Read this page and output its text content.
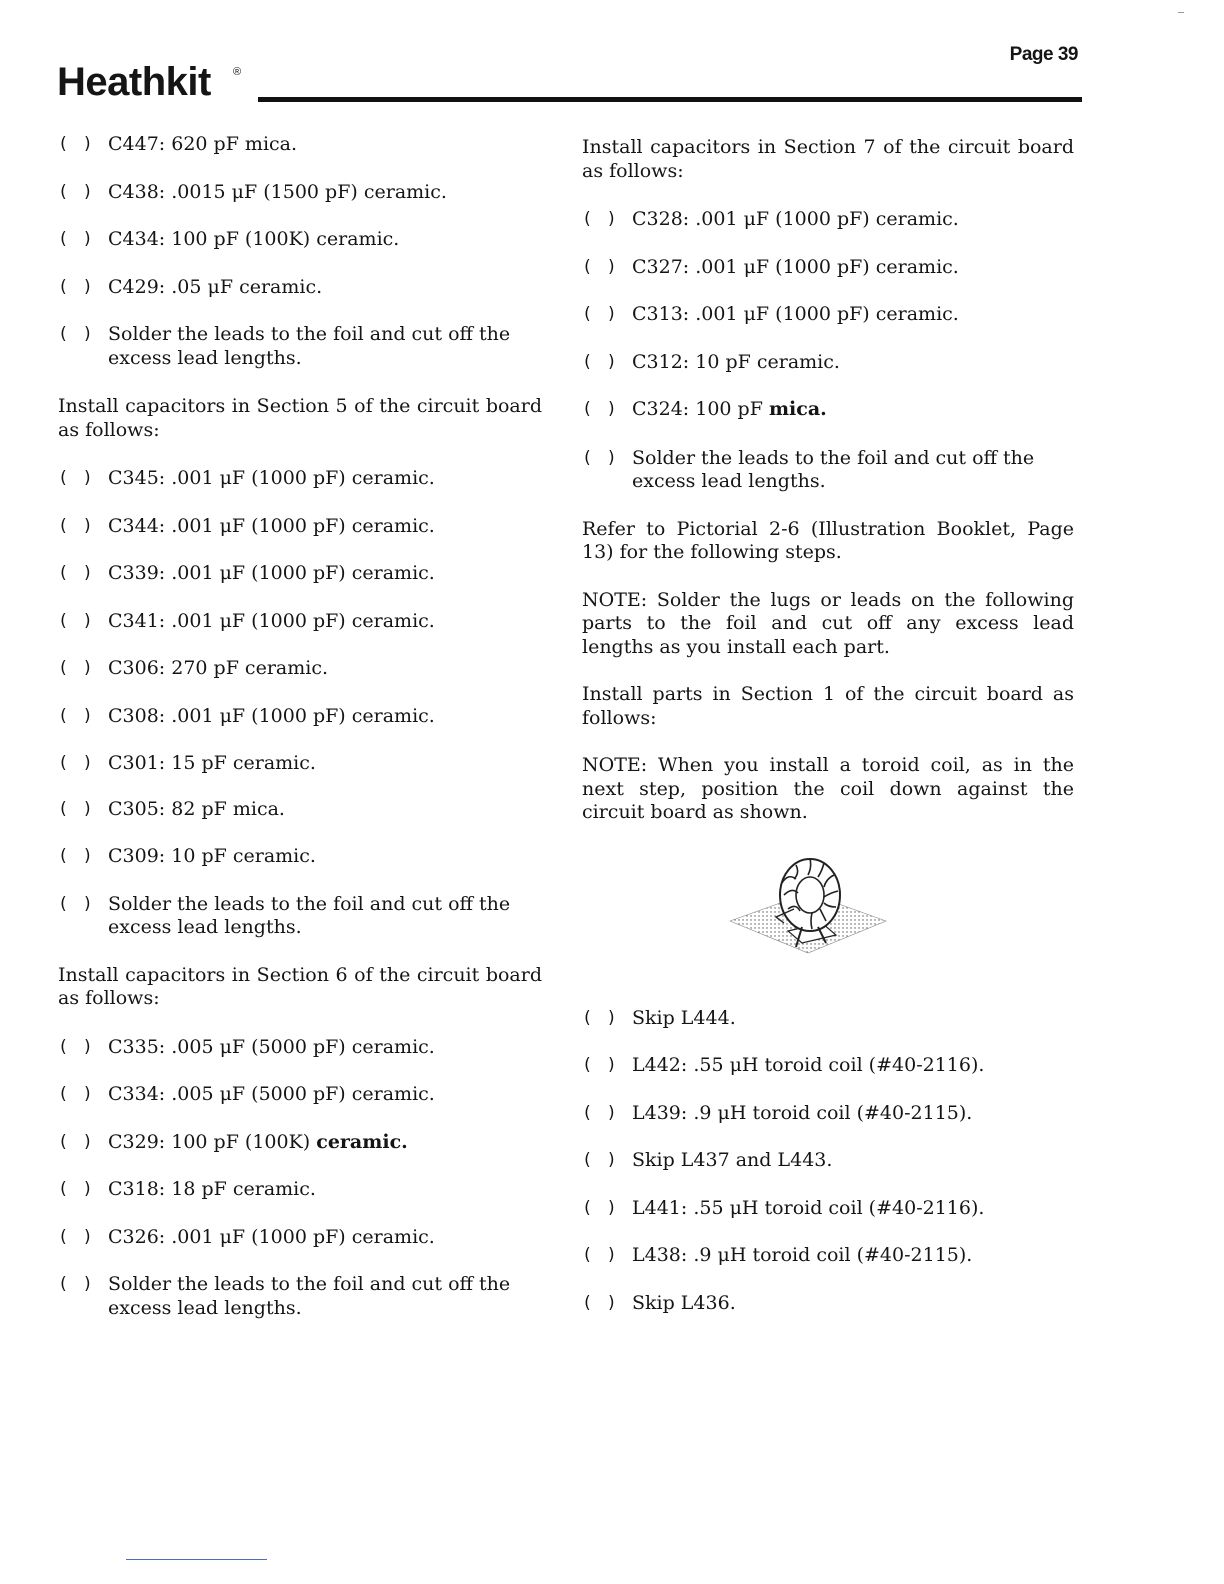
Page 39
Heathkit ®
( ) C447: 620 pF mica.
( ) C438: .0015 μF (1500 pF) ceramic.
( ) C434: 100 pF (100K) ceramic.
( ) C429: .05 μF ceramic.
( ) Solder the leads to the foil and cut off the excess lead lengths.
Install capacitors in Section 5 of the circuit board as follows:
( ) C345: .001 μF (1000 pF) ceramic.
( ) C344: .001 μF (1000 pF) ceramic.
( ) C339: .001 μF (1000 pF) ceramic.
( ) C341: .001 μF (1000 pF) ceramic.
( ) C306: 270 pF ceramic.
( ) C308: .001 μF (1000 pF) ceramic.
( ) C301: 15 pF ceramic.
( ) C305: 82 pF mica.
( ) C309: 10 pF ceramic.
( ) Solder the leads to the foil and cut off the excess lead lengths.
Install capacitors in Section 6 of the circuit board as follows:
( ) C335: .005 μF (5000 pF) ceramic.
( ) C334: .005 μF (5000 pF) ceramic.
( ) C329: 100 pF (100K) ceramic.
( ) C318: 18 pF ceramic.
( ) C326: .001 μF (1000 pF) ceramic.
( ) Solder the leads to the foil and cut off the excess lead lengths.
Install capacitors in Section 7 of the circuit board as follows:
( ) C328: .001 μF (1000 pF) ceramic.
( ) C327: .001 μF (1000 pF) ceramic.
( ) C313: .001 μF (1000 pF) ceramic.
( ) C312: 10 pF ceramic.
( ) C324: 100 pF mica.
( ) Solder the leads to the foil and cut off the excess lead lengths.
Refer to Pictorial 2-6 (Illustration Booklet, Page 13) for the following steps.
NOTE: Solder the lugs or leads on the following parts to the foil and cut off any excess lead lengths as you install each part.
Install parts in Section 1 of the circuit board as follows:
NOTE: When you install a toroid coil, as in the next step, position the coil down against the circuit board as shown.
( ) Skip L444.
( ) L442: .55 μH toroid coil (#40-2116).
( ) L439: .9 μH toroid coil (#40-2115).
( ) Skip L437 and L443.
( ) L441: .55 μH toroid coil (#40-2116).
( ) L438: .9 μH toroid coil (#40-2115).
( ) Skip L436.
